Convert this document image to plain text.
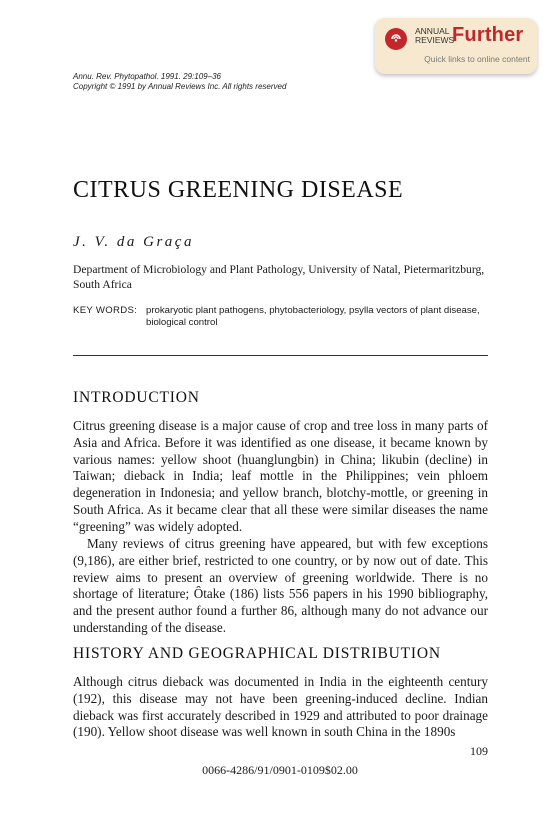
ANNUAL
REVIEWS
Further
Quick links to online content
Annu. Rev. Phytopathol. 1991. 29:109–36
Copyright © 1991 by Annual Reviews Inc. All rights reserved
CITRUS GREENING DISEASE
J. V. da Graça
Department of Microbiology and Plant Pathology, University of Natal, Pietermaritzburg, South Africa
KEY WORDS: prokaryotic plant pathogens, phytobacteriology, psylla vectors of plant disease, biological control
INTRODUCTION

Citrus greening disease is a major cause of crop and tree loss in many parts of Asia and Africa. Before it was identified as one disease, it became known by various names: yellow shoot (huanglungbin) in China; likubin (decline) in Taiwan; dieback in India; leaf mottle in the Philippines; vein phloem degeneration in Indonesia; and yellow branch, blotchy-mottle, or greening in South Africa. As it became clear that all these were similar diseases the name “greening” was widely adopted.

Many reviews of citrus greening have appeared, but with few exceptions (9,186), are either brief, restricted to one country, or by now out of date. This review aims to present an overview of greening worldwide. There is no shortage of literature; Ôtake (186) lists 556 papers in his 1990 bibliography, and the present author found a further 86, although many do not advance our understanding of the disease.

HISTORY AND GEOGRAPHICAL DISTRIBUTION

Although citrus dieback was documented in India in the eighteenth century (192), this disease may not have been greening-induced decline. Indian dieback was first accurately described in 1929 and attributed to poor drainage (190). Yellow shoot disease was well known in south China in the 1890s

109
0066-4286/91/0901-0109$02.00
